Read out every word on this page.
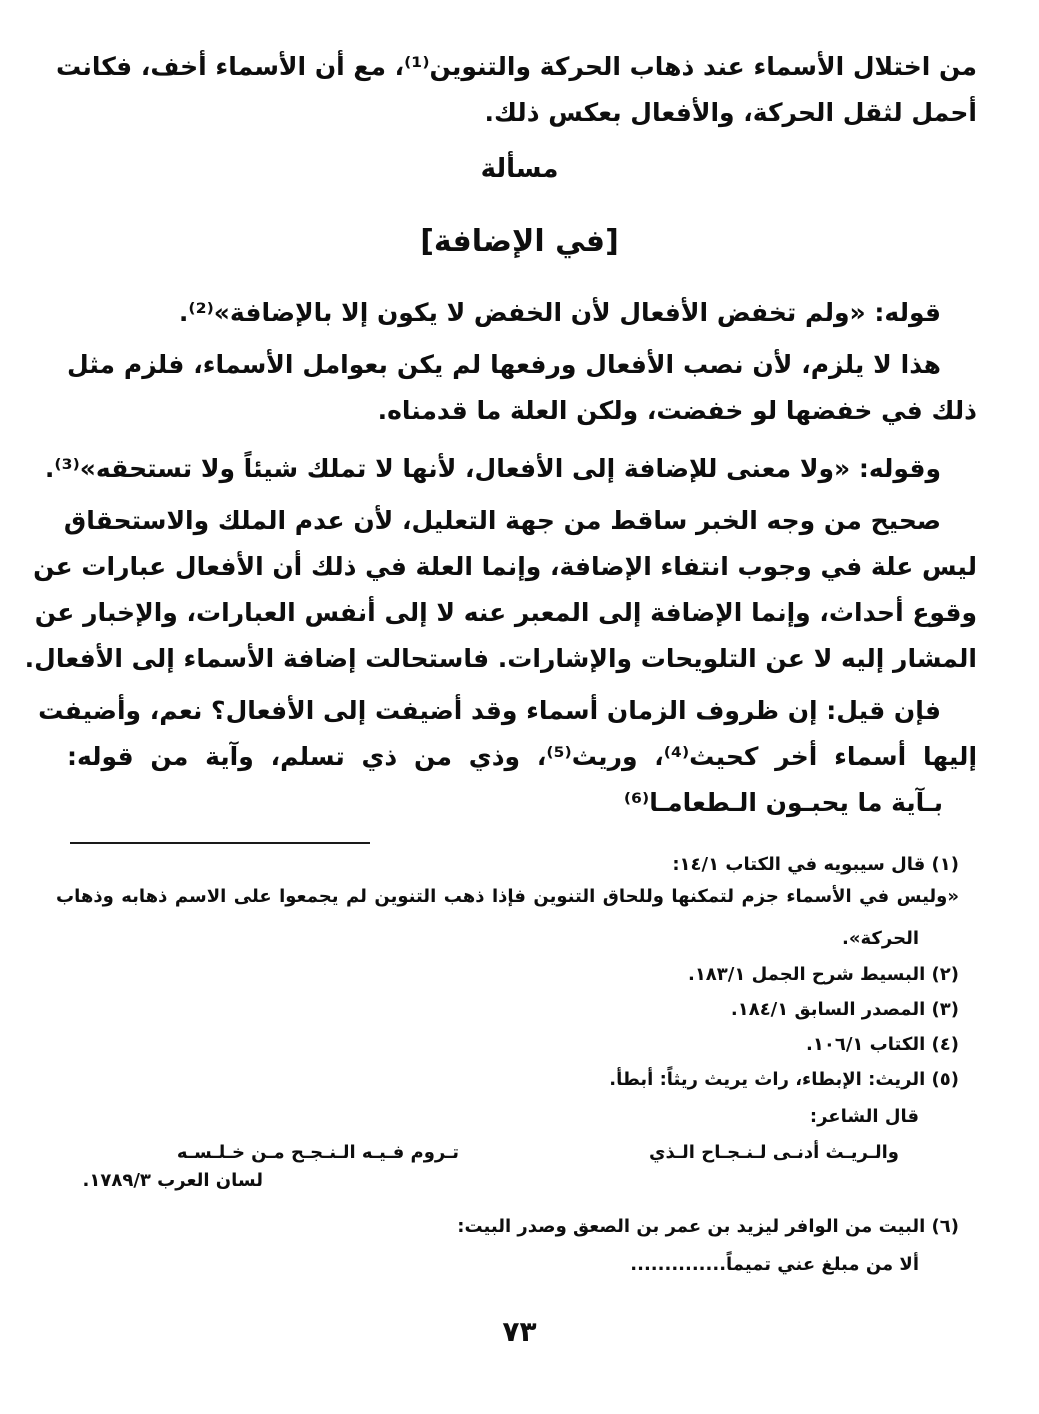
من اختلال الأسماء عند ذهاب الحركة والتنوين⁽¹⁾، مع أن الأسماء أخف، فكانت
أحمل لثقل الحركة، والأفعال بعكس ذلك.
مسألة
[في الإضافة]
قوله: «ولم تخفض الأفعال لأن الخفض لا يكون إلا بالإضافة»⁽²⁾.
هذا لا يلزم، لأن نصب الأفعال ورفعها لم يكن بعوامل الأسماء، فلزم مثل
ذلك في خفضها لو خفضت، ولكن العلة ما قدمناه.
وقوله: «ولا معنى للإضافة إلى الأفعال، لأنها لا تملك شيئاً ولا تستحقه»⁽³⁾.
صحيح من وجه الخبر ساقط من جهة التعليل، لأن عدم الملك والاستحقاق
ليس علة في وجوب انتفاء الإضافة، وإنما العلة في ذلك أن الأفعال عبارات عن
وقوع أحداث، وإنما الإضافة إلى المعبر عنه لا إلى أنفس العبارات، والإخبار عن
المشار إليه لا عن التلويحات والإشارات. فاستحالت إضافة الأسماء إلى الأفعال.
فإن قيل: إن ظروف الزمان أسماء وقد أضيفت إلى الأفعال؟ نعم، وأضيفت
إليها أسماء أخر كحيث⁽⁴⁾، وريث⁽⁵⁾، وذي من ذي تسلم، وآية من قوله:
بـآية ما يحبـون الـطعامـا⁽⁶⁾
(١) قال سيبويه في الكتاب ١٤/١:
«وليس في الأسماء جزم لتمكنها وللحاق التنوين فإذا ذهب التنوين لم يجمعوا على الاسم ذهابه وذهاب
الحركة».
(٢) البسيط شرح الجمل ١٨٣/١.
(٣) المصدر السابق ١٨٤/١.
(٤) الكتاب ١٠٦/١.
(٥) الريث: الإبطاء، راث يريث ريثاً: أبطأ.
قال الشاعر:
والـريـث أدنـى لـنـجـاح الـذي
تـروم فـيـه الـنـجـح مـن خـلـسـه
لسان العرب ١٧٨٩/٣.
(٦) البيت من الوافر ليزيد بن عمر بن الصعق وصدر البيت:
ألا من مبلغ عني تميماً..............
٧٣
